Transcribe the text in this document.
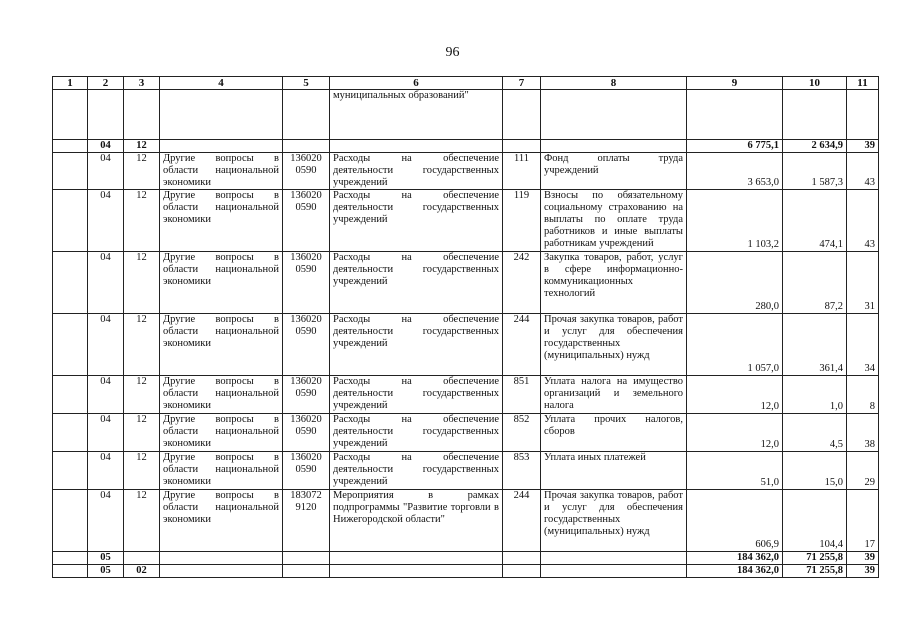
96
1	2	3	4	5	6	7	8	9	10	11
					муниципальных образований"					
	04	12						6 775,1	2 634,9	39
	04	12	Другие вопросы в области национальной экономики	136020 0590	Расходы на обеспечение деятельности государственных учреждений	111	Фонд оплаты труда учреждений	3 653,0	1 587,3	43
	04	12	Другие вопросы в области национальной экономики	136020 0590	Расходы на обеспечение деятельности государственных учреждений	119	Взносы по обязательному социальному страхованию на выплаты по оплате труда работников и иные выплаты работникам учреждений	1 103,2	474,1	43
	04	12	Другие вопросы в области национальной экономики	136020 0590	Расходы на обеспечение деятельности государственных учреждений	242	Закупка товаров, работ, услуг в сфере информационно-коммуникационных технологий	280,0	87,2	31
	04	12	Другие вопросы в области национальной экономики	136020 0590	Расходы на обеспечение деятельности государственных учреждений	244	Прочая закупка товаров, работ и услуг для обеспечения государственных (муниципальных) нужд	1 057,0	361,4	34
	04	12	Другие вопросы в области национальной экономики	136020 0590	Расходы на обеспечение деятельности государственных учреждений	851	Уплата налога на имущество организаций и земельного налога	12,0	1,0	8
	04	12	Другие вопросы в области национальной экономики	136020 0590	Расходы на обеспечение деятельности государственных учреждений	852	Уплата прочих налогов, сборов	12,0	4,5	38
	04	12	Другие вопросы в области национальной экономики	136020 0590	Расходы на обеспечение деятельности государственных учреждений	853	Уплата иных платежей	51,0	15,0	29
	04	12	Другие вопросы в области национальной экономики	183072 9120	Мероприятия в рамках подпрограммы "Развитие торговли в Нижегородской области"	244	Прочая закупка товаров, работ и услуг для обеспечения государственных (муниципальных) нужд	606,9	104,4	17
	05							184 362,0	71 255,8	39
	05	02						184 362,0	71 255,8	39
